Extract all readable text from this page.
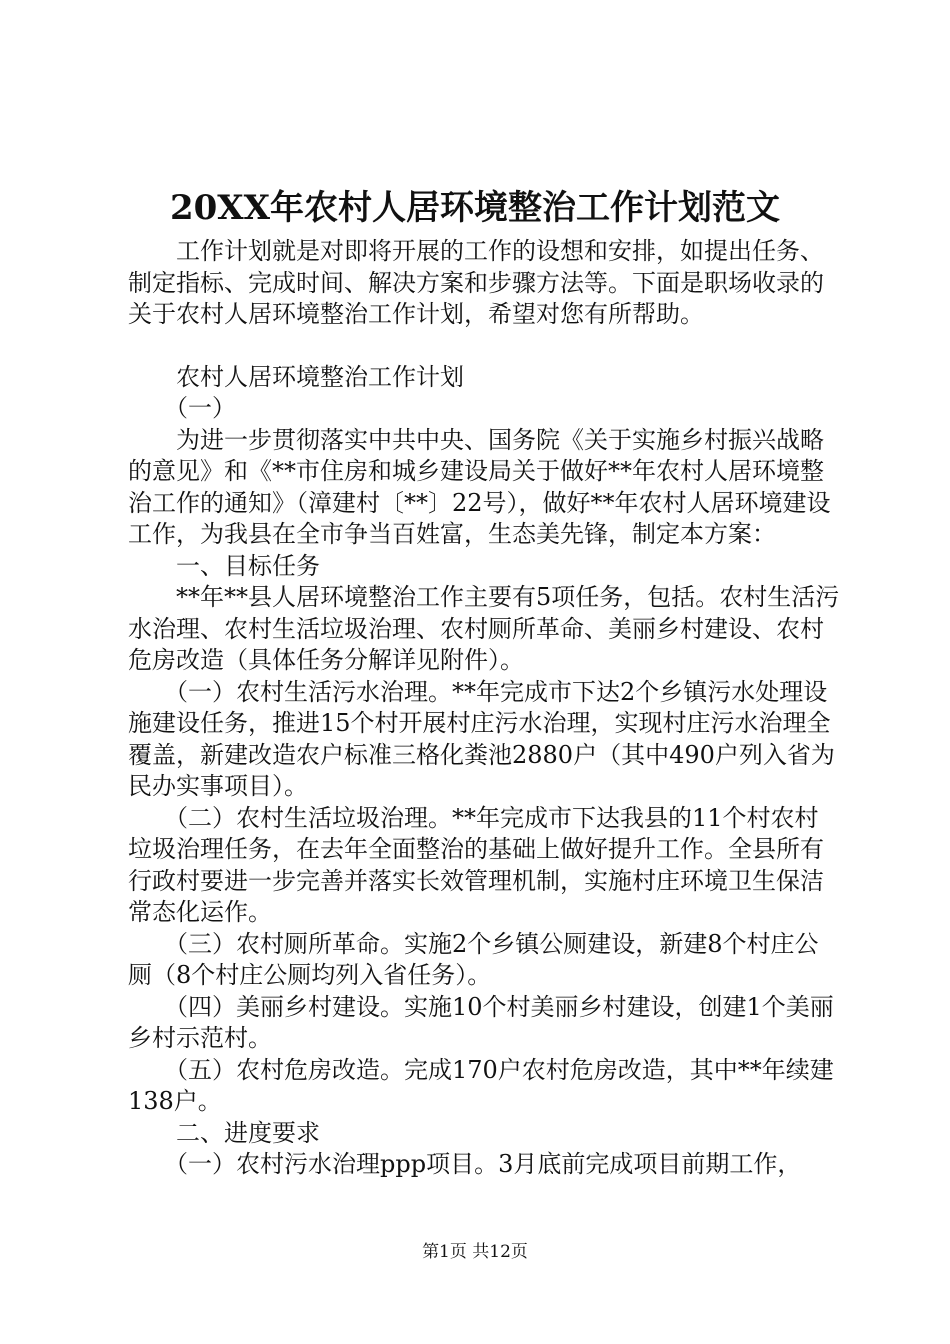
20XX年农村人居环境整治工作计划范文

　　工作计划就是对即将开展的工作的设想和安排，如提出任务、制定指标、完成时间、解决方案和步骤方法等。下面是职场收录的关于农村人居环境整治工作计划，希望对您有所帮助。

　　农村人居环境整治工作计划

　　（一）

　　为进一步贯彻落实中共中央、国务院《关于实施乡村振兴战略的意见》和《**市住房和城乡建设局关于做好**年农村人居环境整治工作的通知》（漳建村〔**〕22号），做好**年农村人居环境建设工作，为我县在全市争当百姓富，生态美先锋，制定本方案：

　　一、目标任务

　　**年**县人居环境整治工作主要有5项任务，包括。农村生活污水治理、农村生活垃圾治理、农村厕所革命、美丽乡村建设、农村危房改造（具体任务分解详见附件）。

　　（一）农村生活污水治理。**年完成市下达2个乡镇污水处理设施建设任务，推进15个村开展村庄污水治理，实现村庄污水治理全覆盖，新建改造农户标准三格化粪池2880户（其中490户列入省为民办实事项目）。

　　（二）农村生活垃圾治理。**年完成市下达我县的11个村农村垃圾治理任务，在去年全面整治的基础上做好提升工作。全县所有行政村要进一步完善并落实长效管理机制，实施村庄环境卫生保洁常态化运作。

　　（三）农村厕所革命。实施2个乡镇公厕建设，新建8个村庄公厕（8个村庄公厕均列入省任务）。

　　（四）美丽乡村建设。实施10个村美丽乡村建设，创建1个美丽乡村示范村。

　　（五）农村危房改造。完成170户农村危房改造，其中**年续建138户。

　　二、进度要求

　　（一）农村污水治理ppp项目。3月底前完成项目前期工作，

第1页 共12页
